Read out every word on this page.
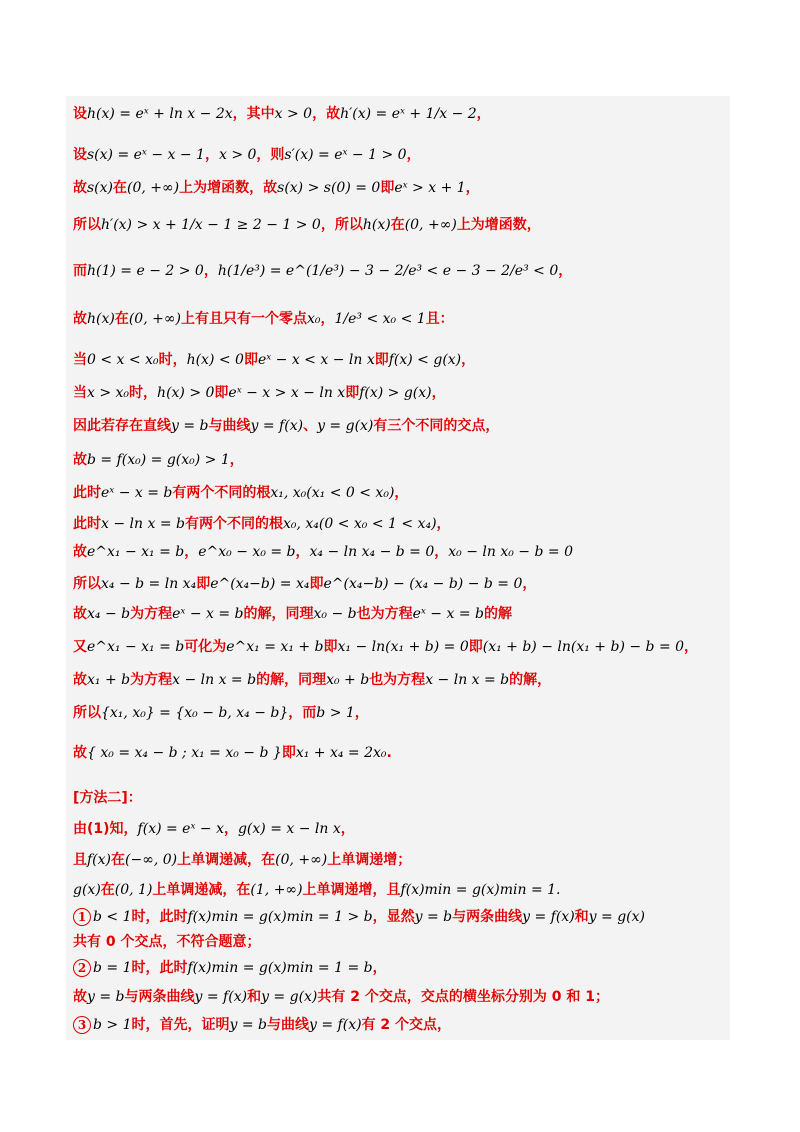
设h(x) = eˣ + ln x − 2x，其中x > 0，故h′(x) = eˣ + 1/x − 2，
设s(x) = eˣ − x − 1，x > 0，则s′(x) = eˣ − 1 > 0，
故s(x)在(0, +∞)上为增函数，故s(x) > s(0) = 0即eˣ > x + 1，
所以h′(x) > x + 1/x − 1 ≥ 2 − 1 > 0，所以h(x)在(0, +∞)上为增函数，
而h(1) = e − 2 > 0，h(1/e³) = e^(1/e³) − 3 − 2/e³ < e − 3 − 2/e³ < 0，
故h(x)在(0, +∞)上有且只有一个零点x₀，1/e³ < x₀ < 1且：
当0 < x < x₀时，h(x) < 0即eˣ − x < x − ln x即f(x) < g(x)，
当x > x₀时，h(x) > 0即eˣ − x > x − ln x即f(x) > g(x)，
因此若存在直线y = b与曲线y = f(x)、y = g(x)有三个不同的交点，
故b = f(x₀) = g(x₀) > 1，
此时eˣ − x = b有两个不同的根x₁, x₀(x₁ < 0 < x₀)，
此时x − ln x = b有两个不同的根x₀, x₄(0 < x₀ < 1 < x₄)，
故e^x₁ − x₁ = b，e^x₀ − x₀ = b，x₄ − ln x₄ − b = 0，x₀ − ln x₀ − b = 0
所以x₄ − b = ln x₄即e^(x₄−b) = x₄即e^(x₄−b) − (x₄ − b) − b = 0，
故x₄ − b为方程eˣ − x = b的解，同理x₀ − b也为方程eˣ − x = b的解
又e^x₁ − x₁ = b可化为e^x₁ = x₁ + b即x₁ − ln(x₁ + b) = 0即(x₁ + b) − ln(x₁ + b) − b = 0，
故x₁ + b为方程x − ln x = b的解，同理x₀ + b也为方程x − ln x = b的解，
所以{x₁, x₀} = {x₀ − b, x₄ − b}，而b > 1，
故{ x₀ = x₄ − b ; x₁ = x₀ − b }即x₁ + x₄ = 2x₀.
[方法二]：
由(1)知，f(x) = eˣ − x，g(x) = x − ln x，
且f(x)在(−∞, 0)上单调递减，在(0, +∞)上单调递增；
g(x)在(0, 1)上单调递减，在(1, +∞)上单调递增，且f(x)min = g(x)min = 1.
1 b < 1时，此时f(x)min = g(x)min = 1 > b，显然y = b与两条曲线y = f(x)和y = g(x)
共有 0 个交点，不符合题意；
2 b = 1时，此时f(x)min = g(x)min = 1 = b，
故y = b与两条曲线y = f(x)和y = g(x)共有 2 个交点，交点的横坐标分别为 0 和 1；
3 b > 1时，首先，证明y = b与曲线y = f(x)有 2 个交点，
